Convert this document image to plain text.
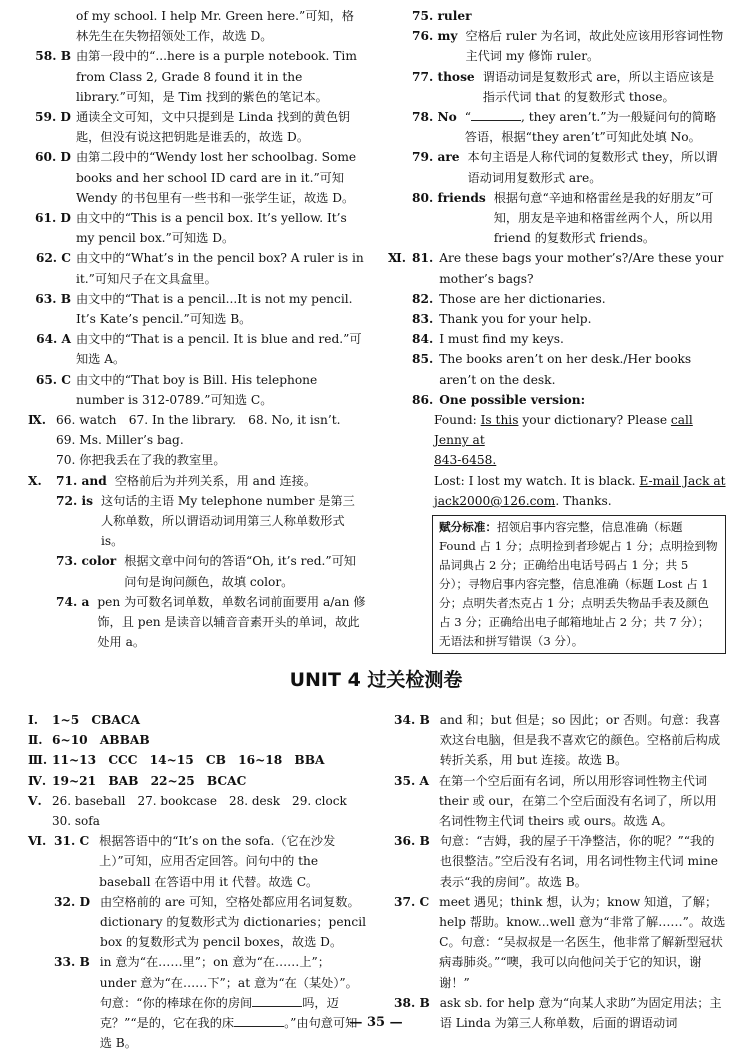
of my school. I help Mr. Green here.”可知，格林先生在失物招领处工作，故选 D。
58. B 由第一段中的“...here is a purple notebook. Tim from Class 2, Grade 8 found it in the library.”可知，是 Tim 找到的紫色的笔记本。
59. D 通读全文可知，文中只提到是 Linda 找到的黄色钥匙，但没有说这把钥匙是谁丢的，故选 D。
60. D 由第二段中的“Wendy lost her schoolbag. Some books and her school ID card are in it.”可知 Wendy 的书包里有一些书和一张学生证，故选 D。
61. D 由文中的“This is a pencil box. It’s yellow. It’s my pencil box.”可知选 D。
62. C 由文中的“What’s in the pencil box? A ruler is in it.”可知尺子在文具盒里。
63. B 由文中的“That is a pencil...It is not my pencil. It’s Kate’s pencil.”可知选 B。
64. A 由文中的“That is a pencil. It is blue and red.”可知选 A。
65. C 由文中的“That boy is Bill. His telephone number is 312-0789.”可知选 C。
Ⅸ. 66. watch　67. In the library.　68. No, it isn’t.
69. Ms. Miller’s bag.
70. 你把我丢在了我的教室里。
Ⅹ.	71. and 空格前后为并列关系，用 and 连接。
72. is 这句话的主语 My telephone number 是第三人称单数，所以谓语动词用第三人称单数形式 is。
73. color 根据文章中问句的答语“Oh, it’s red.”可知问句是询问颜色，故填 color。
74. a pen 为可数名词单数，单数名词前面要用 a/an 修饰，且 pen 是读音以辅音音素开头的单词，故此处用 a。
75. ruler
76. my 空格后 ruler 为名词，故此处应该用形容词性物主代词 my 修饰 ruler。
77. those 谓语动词是复数形式 are，所以主语应该是指示代词 that 的复数形式 those。
78. No “	, they aren’t.”为一般疑问句的简略答语，根据“they aren’t”可知此处填 No。
79. are 本句主语是人称代词的复数形式 they，所以谓语动词用复数形式 are。
80. friends 根据句意“辛迪和格雷丝是我的好朋友”可知，朋友是辛迪和格雷丝两个人，所以用 friend 的复数形式 friends。
Ⅺ. 81. Are these bags your mother’s?/Are these your mother’s bags?
82. Those are her dictionaries.
83. Thank you for your help.
84. I must find my keys.
85. The books aren’t on her desk./Her books aren’t on the desk.
86. One possible version:
Found: Is this your dictionary? Please call Jenny at
843-6458.
Lost: I lost my watch. It is black. E-mail Jack at
jack2000@126.com. Thanks.
赋分标准：招领启事内容完整，信息准确（标题 Found 占 1 分；点明捡到者珍妮占 1 分；点明捡到物品词典占 2 分；正确给出电话号码占 1 分；共 5 分）；寻物启事内容完整，信息准确（标题 Lost 占 1 分；点明失者杰克占 1 分；点明丢失物品手表及颜色占 3 分；正确给出电子邮箱地址占 2 分；共 7 分）；无语法和拼写错误（3 分）。
UNIT 4 过关检测卷
Ⅰ.	1~5　CBACA
Ⅱ. 6~10　ABBAB
Ⅲ. 11~13　CCC　14~15　CB　16~18　BBA
Ⅳ. 19~21　BAB　22~25　BCAC
Ⅴ. 26. baseball　27. bookcase　28. desk　29. clock　30. sofa
Ⅵ. 31. C 根据答语中的“It’s on the sofa.（它在沙发上）”可知，应用否定回答。问句中的 the baseball 在答语中用 it 代替。故选 C。
32. D 由空格前的 are 可知，空格处都应用名词复数。dictionary 的复数形式为 dictionaries；pencil box 的复数形式为 pencil boxes，故选 D。
33. B in 意为“在……里”；on 意为“在……上”；under 意为“在……下”；at 意为“在（某处）”。句意：“你的棒球在你的房间	吗，迈克？”“是的，它在我的床	。”由句意可知选 B。
34. B and 和；but 但是；so 因此；or 否则。句意：我喜欢这台电脑，但是我不喜欢它的颜色。空格前后构成转折关系，用 but 连接。故选 B。
35. A 在第一个空后面有名词，所以用形容词性物主代词 their 或 our，在第二个空后面没有名词了，所以用名词性物主代词 theirs 或 ours。故选 A。
36. B 句意：“吉姆，我的屋子干净整洁，你的呢？”“我的也很整洁。”空后没有名词，用名词性物主代词 mine 表示“我的房间”。故选 B。
37. C meet 遇见；think 想，认为；know 知道，了解；help 帮助。know...well 意为“非常了解……”。故选 C。句意：“吴叔叔是一名医生，他非常了解新型冠状病毒肺炎。”“噢，我可以向他问关于它的知识，谢谢！”
38. B ask sb. for help 意为“向某人求助”为固定用法；主语 Linda 为第三人称单数，后面的谓语动词
— 35 —
